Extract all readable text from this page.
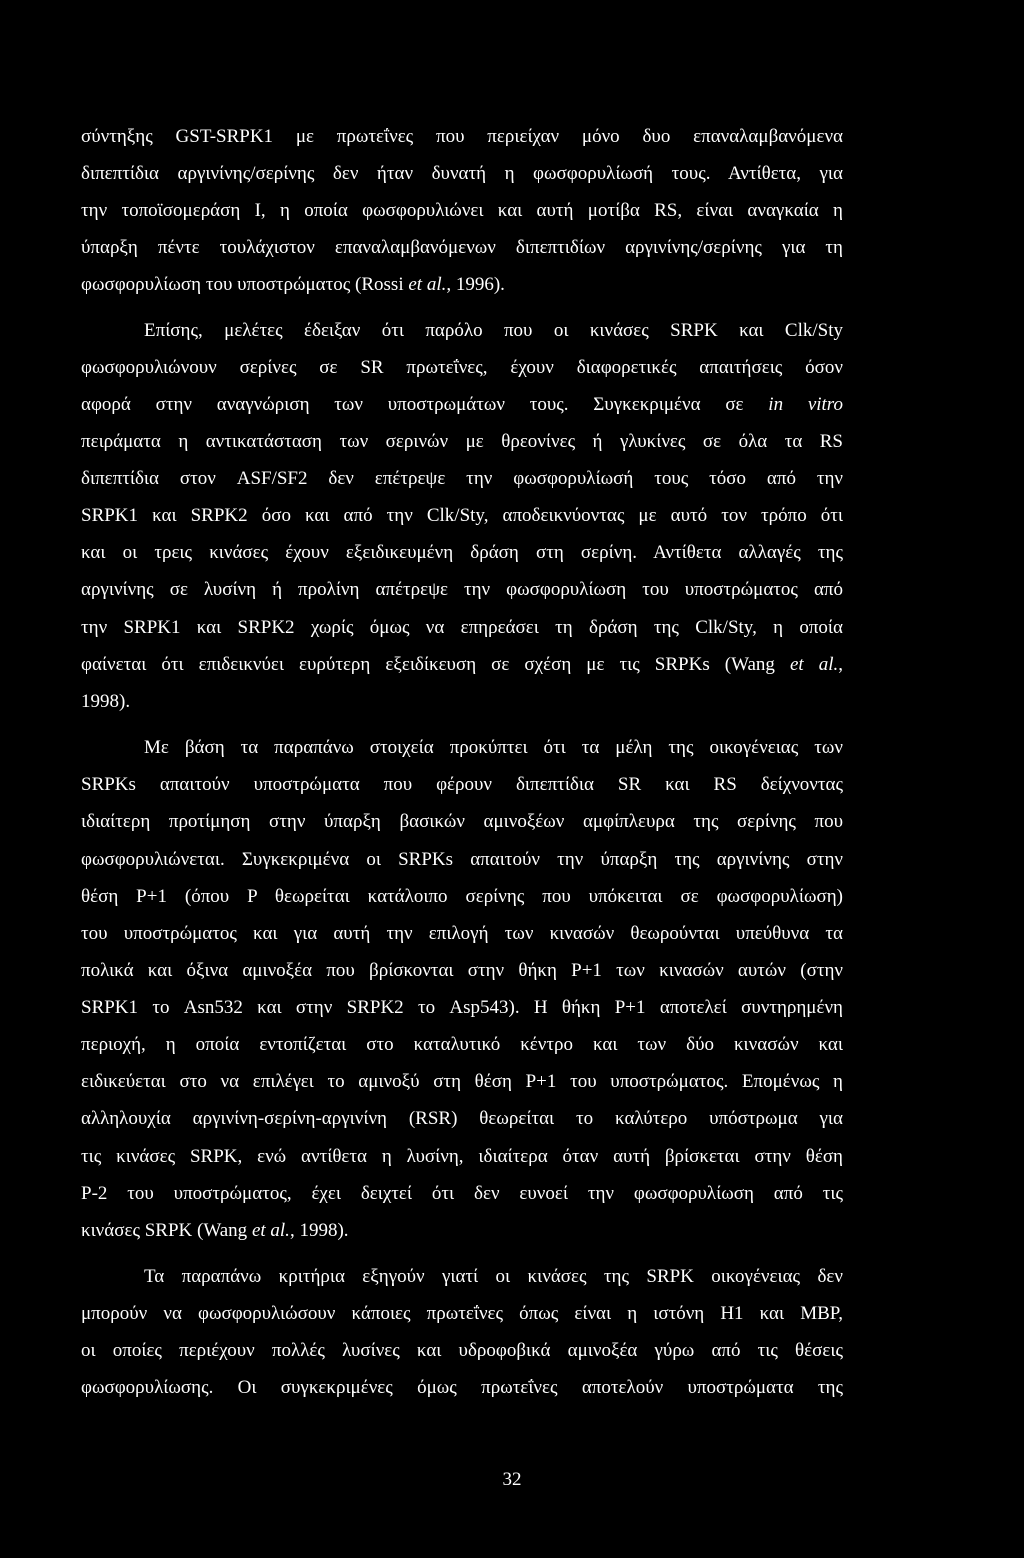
σύντηξης GST-SRPK1 με πρωτεΐνες που περιείχαν μόνο δυο επαναλαμβανόμενα
διπεπτίδια αργινίνης/σερίνης δεν ήταν δυνατή η φωσφορυλίωσή τους. Αντίθετα, για
την τοποϊσομεράση I, η οποία φωσφορυλιώνει και αυτή μοτίβα RS, είναι αναγκαία η
ύπαρξη πέντε τουλάχιστον επαναλαμβανόμενων διπεπτιδίων αργινίνης/σερίνης για τη
φωσφορυλίωση του υποστρώματος (Rossi et al., 1996).
Επίσης, μελέτες έδειξαν ότι παρόλο που οι κινάσες SRPK και Clk/Sty
φωσφορυλιώνουν σερίνες σε SR πρωτεΐνες, έχουν διαφορετικές απαιτήσεις όσον
αφορά στην αναγνώριση των υποστρωμάτων τους. Συγκεκριμένα σε in vitro
πειράματα η αντικατάσταση των σερινών με θρεονίνες ή γλυκίνες σε όλα τα RS
διπεπτίδια στον ASF/SF2 δεν επέτρεψε την φωσφορυλίωσή τους τόσο από την
SRPK1 και SRPK2 όσο και από την Clk/Sty, αποδεικνύοντας με αυτό τον τρόπο ότι
και οι τρεις κινάσες έχουν εξειδικευμένη δράση στη σερίνη. Αντίθετα αλλαγές της
αργινίνης σε λυσίνη ή προλίνη απέτρεψε την φωσφορυλίωση του υποστρώματος από
την SRPK1 και SRPK2 χωρίς όμως να επηρεάσει τη δράση της Clk/Sty, η οποία
φαίνεται ότι επιδεικνύει ευρύτερη εξειδίκευση σε σχέση με τις SRPKs (Wang et al.,
1998).
Με βάση τα παραπάνω στοιχεία προκύπτει ότι τα μέλη της οικογένειας των
SRPKs απαιτούν υποστρώματα που φέρουν διπεπτίδια SR και RS δείχνοντας
ιδιαίτερη προτίμηση στην ύπαρξη βασικών αμινοξέων αμφίπλευρα της σερίνης που
φωσφορυλιώνεται. Συγκεκριμένα οι SRPKs απαιτούν την ύπαρξη της αργινίνης στην
θέση P+1 (όπου P θεωρείται κατάλοιπο σερίνης που υπόκειται σε φωσφορυλίωση)
του υποστρώματος και για αυτή την επιλογή των κινασών θεωρούνται υπεύθυνα τα
πολικά και όξινα αμινοξέα που βρίσκονται στην θήκη P+1 των κινασών αυτών (στην
SRPK1 το Asn532 και στην SRPK2 το Asp543). Η θήκη P+1 αποτελεί συντηρημένη
περιοχή, η οποία εντοπίζεται στο καταλυτικό κέντρο και των δύο κινασών και
ειδικεύεται στο να επιλέγει το αμινοξύ στη θέση P+1 του υποστρώματος. Επομένως η
αλληλουχία αργινίνη-σερίνη-αργινίνη (RSR) θεωρείται το καλύτερο υπόστρωμα για
τις κινάσες SRPK, ενώ αντίθετα η λυσίνη, ιδιαίτερα όταν αυτή βρίσκεται στην θέση
P-2 του υποστρώματος, έχει δειχτεί ότι δεν ευνοεί την φωσφορυλίωση από τις
κινάσες SRPK (Wang et al., 1998).
Τα παραπάνω κριτήρια εξηγούν γιατί οι κινάσες της SRPK οικογένειας δεν
μπορούν να φωσφορυλιώσουν κάποιες πρωτεΐνες όπως είναι η ιστόνη H1 και MBP,
οι οποίες περιέχουν πολλές λυσίνες και υδροφοβικά αμινοξέα γύρω από τις θέσεις
φωσφορυλίωσης. Οι συγκεκριμένες όμως πρωτεΐνες αποτελούν υποστρώματα της
32
